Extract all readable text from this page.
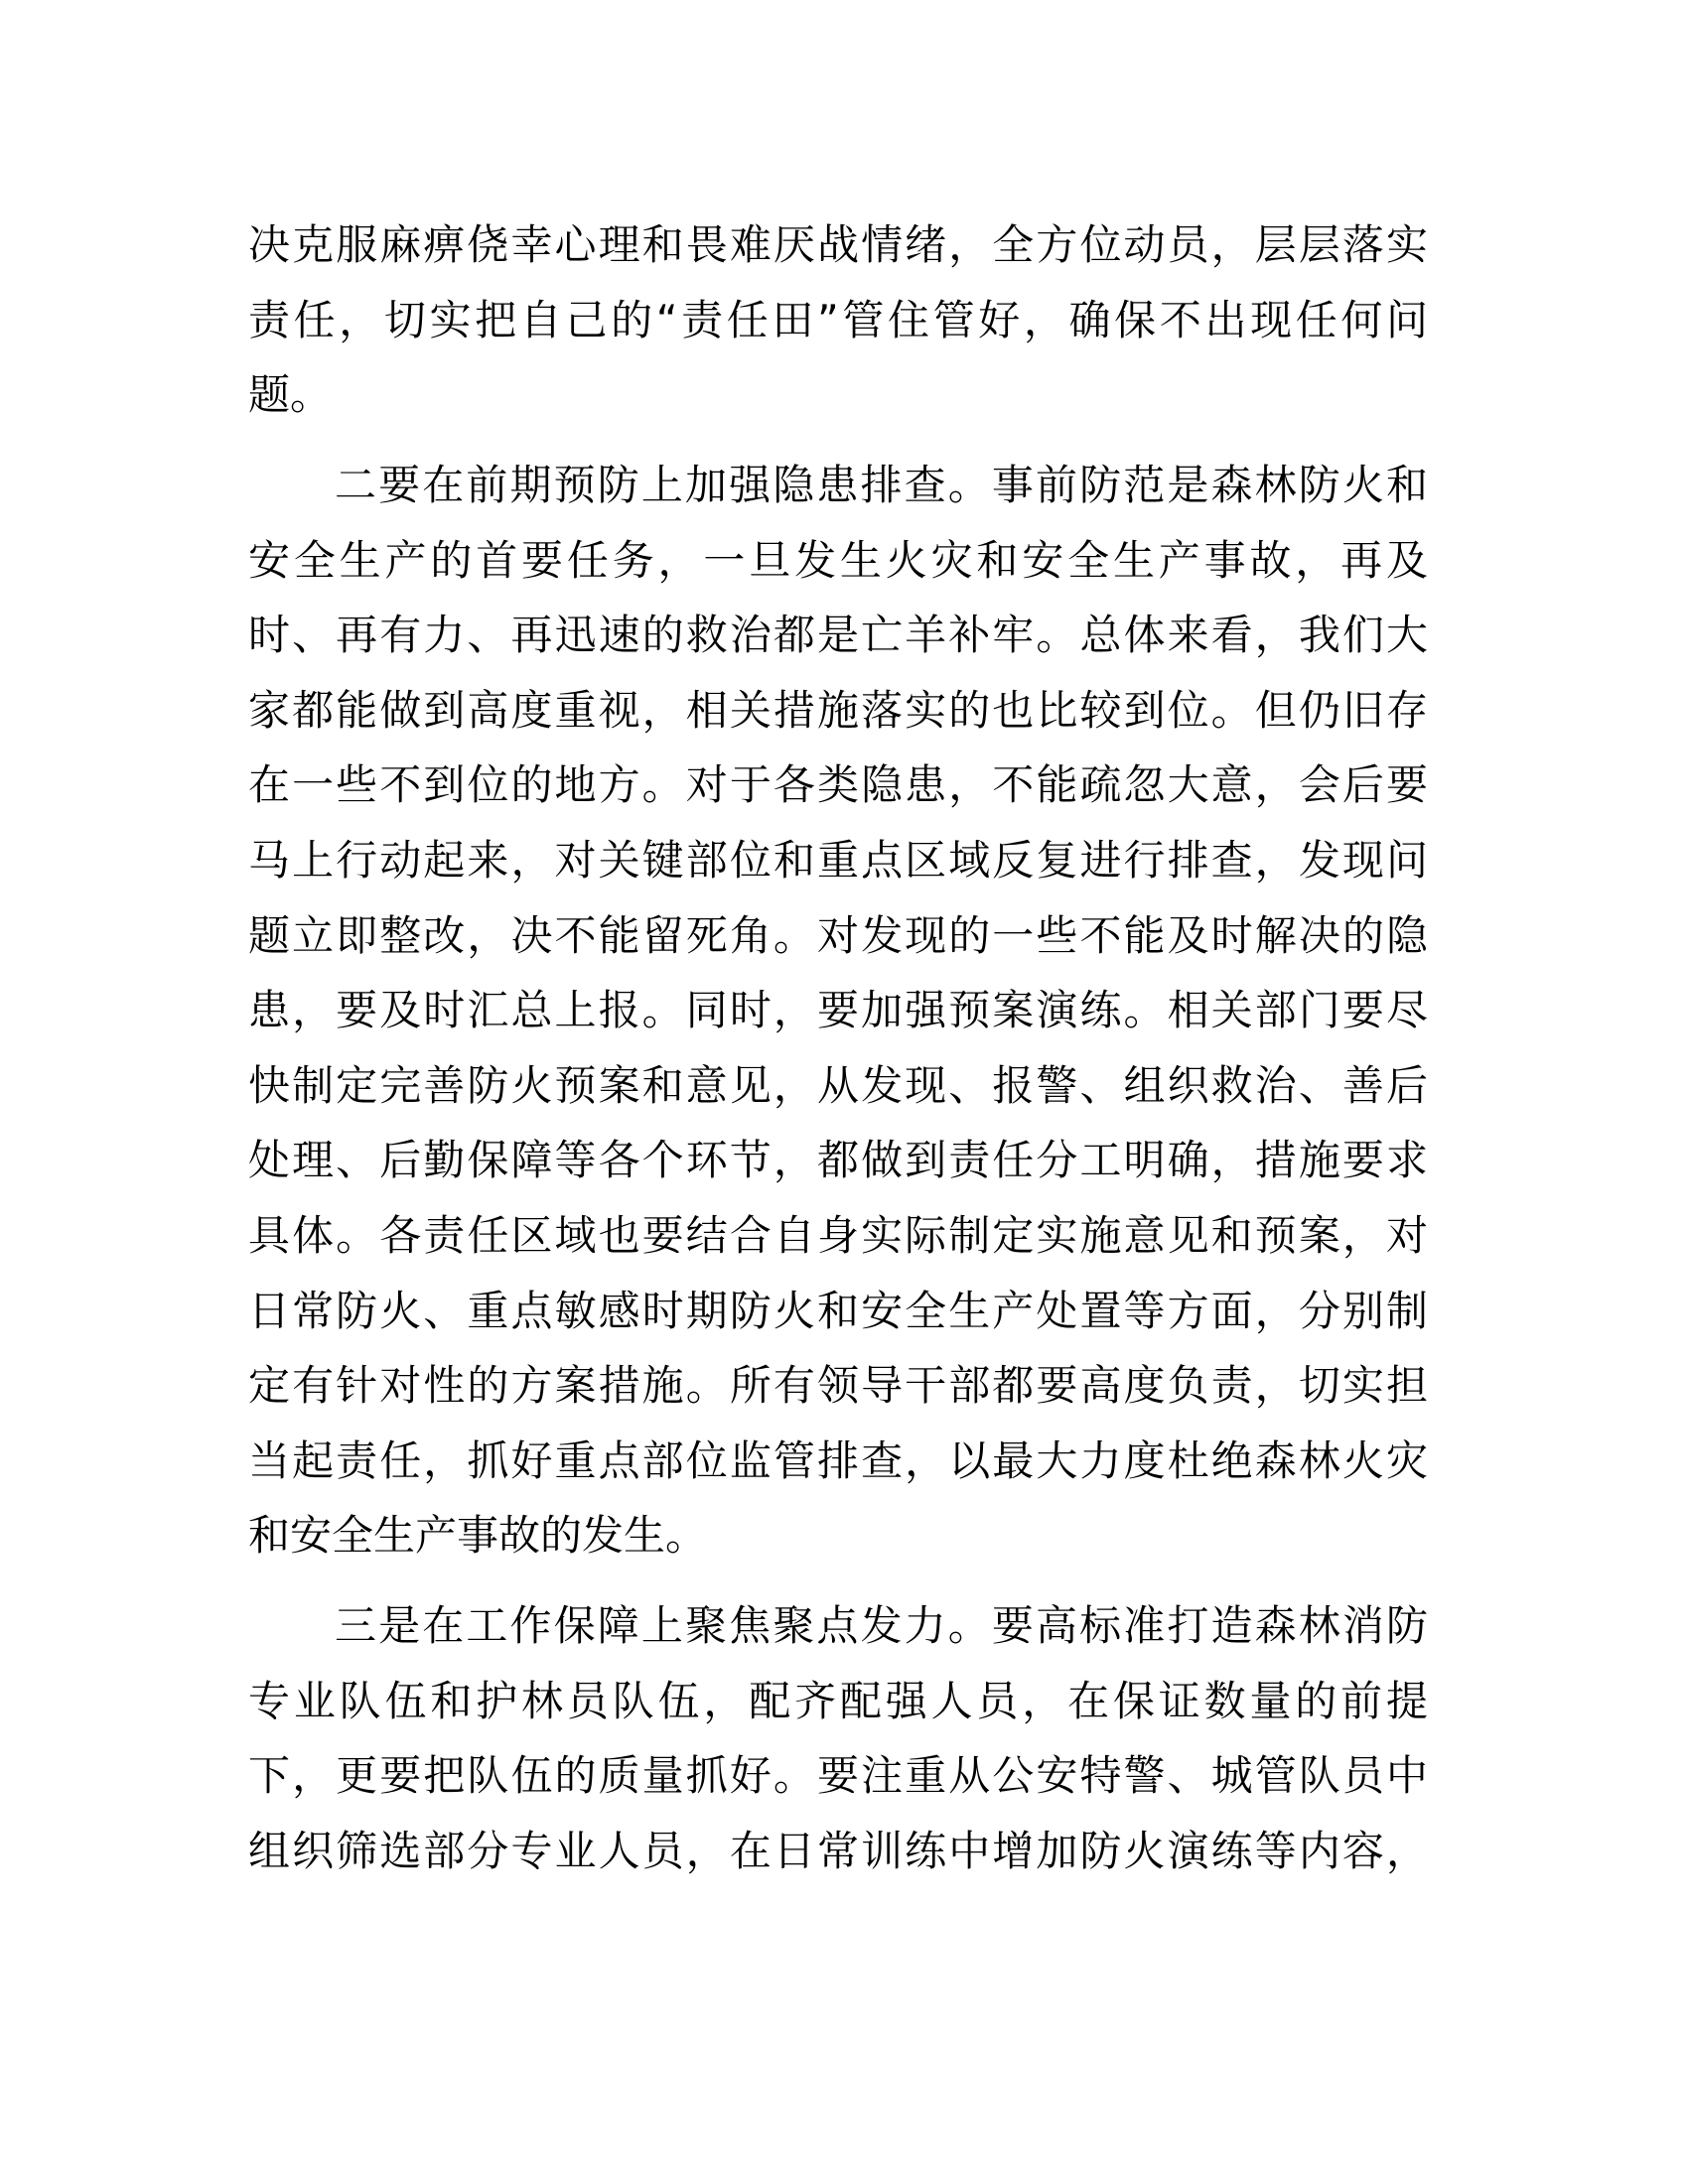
决克服麻痹侥幸心理和畏难厌战情绪，全方位动员，层层落实
责任，切实把自己的“责任田”管住管好，确保不出现任何问
题。
二要在前期预防上加强隐患排查。事前防范是森林防火和
安全生产的首要任务，一旦发生火灾和安全生产事故，再及
时、再有力、再迅速的救治都是亡羊补牢。总体来看，我们大
家都能做到高度重视，相关措施落实的也比较到位。但仍旧存
在一些不到位的地方。对于各类隐患，不能疏忽大意，会后要
马上行动起来，对关键部位和重点区域反复进行排查，发现问
题立即整改，决不能留死角。对发现的一些不能及时解决的隐
患，要及时汇总上报。同时，要加强预案演练。相关部门要尽
快制定完善防火预案和意见，从发现、报警、组织救治、善后
处理、后勤保障等各个环节，都做到责任分工明确，措施要求
具体。各责任区域也要结合自身实际制定实施意见和预案，对
日常防火、重点敏感时期防火和安全生产处置等方面，分别制
定有针对性的方案措施。所有领导干部都要高度负责，切实担
当起责任，抓好重点部位监管排查，以最大力度杜绝森林火灾
和安全生产事故的发生。
三是在工作保障上聚焦聚点发力。要高标准打造森林消防
专业队伍和护林员队伍，配齐配强人员，在保证数量的前提
下，更要把队伍的质量抓好。要注重从公安特警、城管队员中
组织筛选部分专业人员，在日常训练中增加防火演练等内容，
